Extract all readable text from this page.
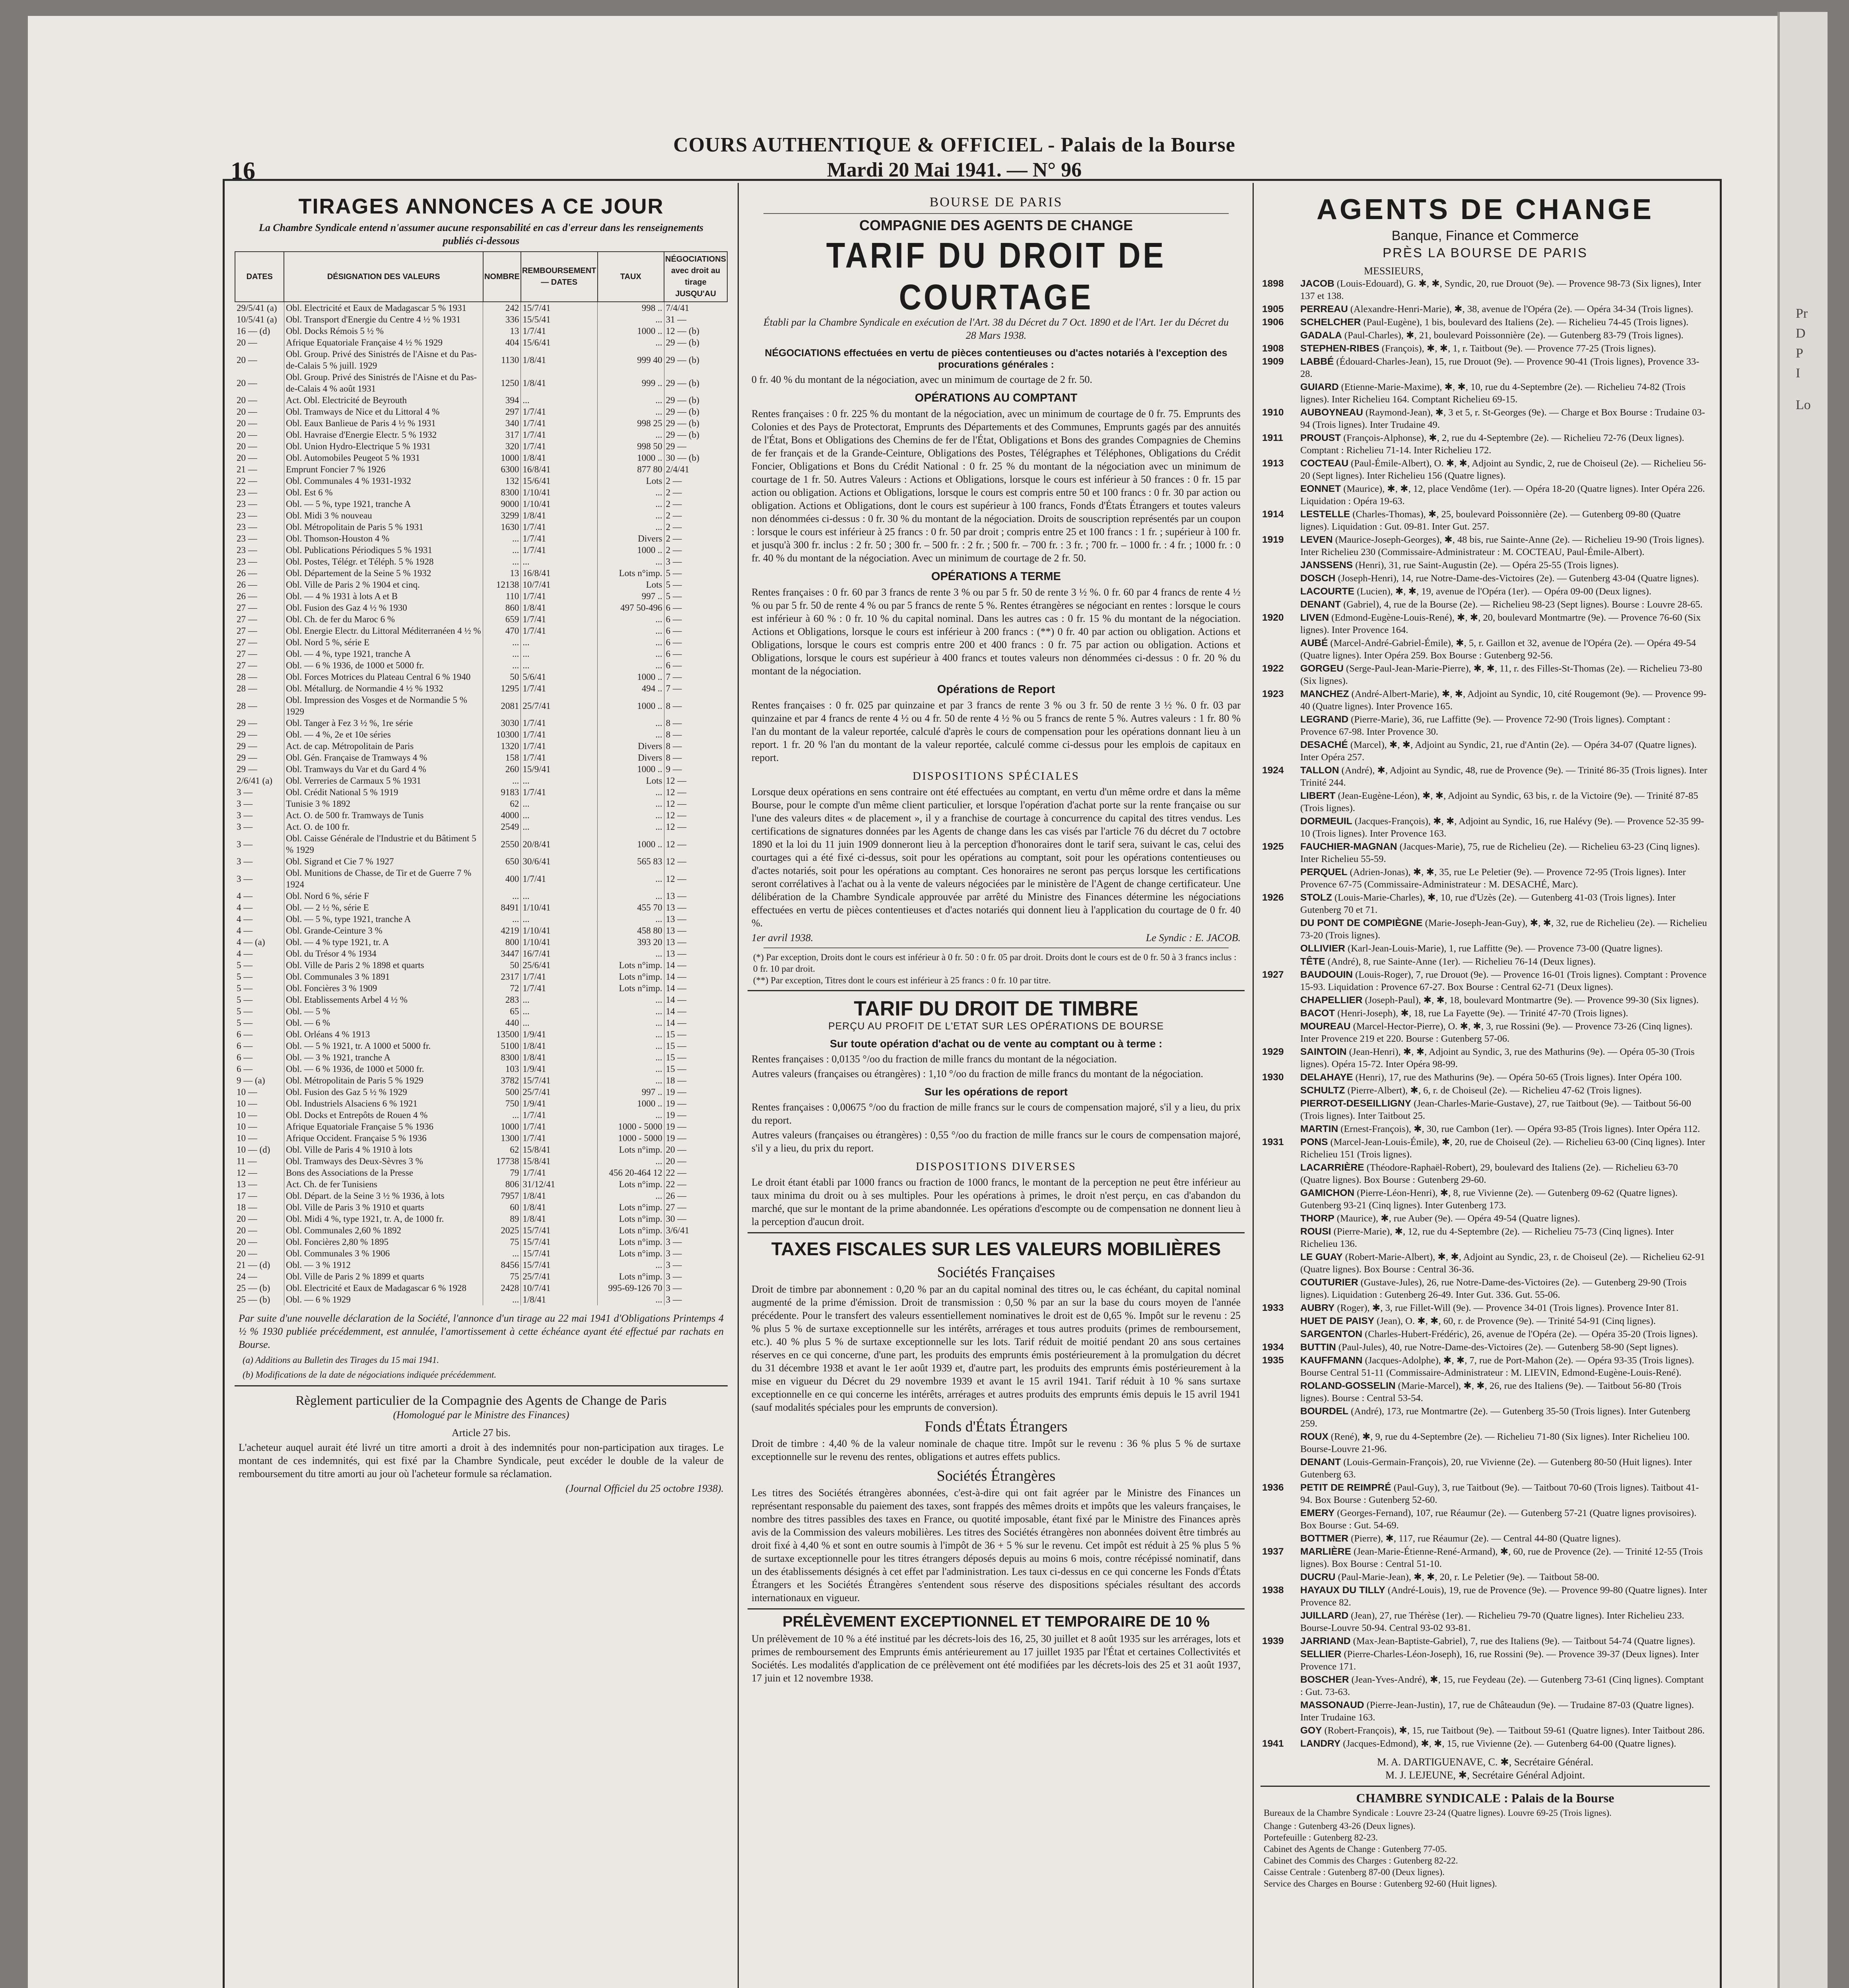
Pr
D
P
I
Lo
16
COURS AUTHENTIQUE & OFFICIEL - Palais de la Bourse
Mardi 20 Mai 1941. — N° 96
TIRAGES ANNONCES A CE JOUR
La Chambre Syndicale entend n'assumer aucune responsabilité en cas d'erreur dans les renseignements publiés ci-dessous
DATES	DÉSIGNATION DES VALEURS	NOMBRE	REMBOURSEMENT — DATES	TAUX	NÉGOCIATIONS avec droit au tirage JUSQU'AU
29/5/41 (a)	Obl. Electricité et Eaux de Madagascar 5 % 1931	242	15/7/41	998 ..	7/4/41
10/5/41 (a)	Obl. Transport d'Energie du Centre 4 ½ % 1931	336	15/5/41	...	31 —
16 — (d)	Obl. Docks Rémois 5 ½ %	13	1/7/41	1000 ..	12 — (b)
20 —	Afrique Equatoriale Française 4 ½ % 1929	404	15/6/41	...	29 — (b)
20 —	Obl. Group. Privé des Sinistrés de l'Aisne et du Pas-de-Calais 5 % juill. 1929	1130	1/8/41	999 40	29 — (b)
20 —	Obl. Group. Privé des Sinistrés de l'Aisne et du Pas-de-Calais 4 % août 1931	1250	1/8/41	999 ..	29 — (b)
20 —	Act. Obl. Electricité de Beyrouth	394	...	...	29 — (b)
20 —	Obl. Tramways de Nice et du Littoral 4 %	297	1/7/41	...	29 — (b)
20 —	Obl. Eaux Banlieue de Paris 4 ½ % 1931	340	1/7/41	998 25	29 — (b)
20 —	Obl. Havraise d'Energie Electr. 5 % 1932	317	1/7/41	...	29 — (b)
20 —	Obl. Union Hydro-Electrique 5 % 1931	320	1/7/41	998 50	29 —
20 —	Obl. Automobiles Peugeot 5 % 1931	1000	1/8/41	1000 ..	30 — (b)
21 —	Emprunt Foncier 7 % 1926	6300	16/8/41	877 80	2/4/41
22 —	Obl. Communales 4 % 1931-1932	132	15/6/41	Lots	2 —
23 —	Obl. Est 6 %	8300	1/10/41	...	2 —
23 —	Obl. — 5 %, type 1921, tranche A	9000	1/10/41	...	2 —
23 —	Obl. Midi 3 % nouveau	3299	1/8/41	...	2 —
23 —	Obl. Métropolitain de Paris 5 % 1931	1630	1/7/41	...	2 —
23 —	Obl. Thomson-Houston 4 %	...	1/7/41	Divers	2 —
23 —	Obl. Publications Périodiques 5 % 1931	...	1/7/41	1000 ..	2 —
23 —	Obl. Postes, Télégr. et Téléph. 5 % 1928	...	...	...	3 —
26 —	Obl. Département de la Seine 5 % 1932	13	16/8/41	Lots n°imp.	5 —
26 —	Obl. Ville de Paris 2 % 1904 et cinq.	12138	10/7/41	Lots	5 —
26 —	Obl. — 4 % 1931 à lots A et B	110	1/7/41	997 ..	5 —
27 —	Obl. Fusion des Gaz 4 ½ % 1930	860	1/8/41	497 50-496	6 —
27 —	Obl. Ch. de fer du Maroc 6 %	659	1/7/41	...	6 —
27 —	Obl. Energie Electr. du Littoral Méditerranéen 4 ½ %	470	1/7/41	...	6 —
27 —	Obl. Nord 5 %, série E	...	...	...	6 —
27 —	Obl. — 4 %, type 1921, tranche A	...	...	...	6 —
27 —	Obl. — 6 % 1936, de 1000 et 5000 fr.	...	...	...	6 —
28 —	Obl. Forces Motrices du Plateau Central 6 % 1940	50	5/6/41	1000 ..	7 —
28 —	Obl. Métallurg. de Normandie 4 ½ % 1932	1295	1/7/41	494 ..	7 —
28 —	Obl. Impression des Vosges et de Normandie 5 % 1929	2081	25/7/41	1000 ..	8 —
29 —	Obl. Tanger à Fez 3 ½ %, 1re série	3030	1/7/41	...	8 —
29 —	Obl. — 4 %, 2e et 10e séries	10300	1/7/41	...	8 —
29 —	Act. de cap. Métropolitain de Paris	1320	1/7/41	Divers	8 —
29 —	Obl. Gén. Française de Tramways 4 %	158	1/7/41	Divers	8 —
29 —	Obl. Tramways du Var et du Gard 4 %	260	15/9/41	1000 ..	9 —
2/6/41 (a)	Obl. Verreries de Carmaux 5 % 1931	...	...	Lots	12 —
3 —	Obl. Crédit National 5 % 1919	9183	1/7/41	...	12 —
3 —	Tunisie 3 % 1892	62	...	...	12 —
3 —	Act. O. de 500 fr. Tramways de Tunis	4000	...	...	12 —
3 —	Act. O. de 100 fr.	2549	...	...	12 —
3 —	Obl. Caisse Générale de l'Industrie et du Bâtiment 5 % 1929	2550	20/8/41	1000 ..	12 —
3 —	Obl. Sigrand et Cie 7 % 1927	650	30/6/41	565 83	12 —
3 —	Obl. Munitions de Chasse, de Tir et de Guerre 7 % 1924	400	1/7/41	...	12 —
4 —	Obl. Nord 6 %, série F	...	...	...	13 —
4 —	Obl. — 2 ½ %, série E	8491	1/10/41	455 70	13 —
4 —	Obl. — 5 %, type 1921, tranche A	...	...	...	13 —
4 —	Obl. Grande-Ceinture 3 %	4219	1/10/41	458 80	13 —
4 — (a)	Obl. — 4 % type 1921, tr. A	800	1/10/41	393 20	13 —
4 —	Obl. du Trésor 4 % 1934	3447	16/7/41	...	13 —
5 —	Obl. Ville de Paris 2 % 1898 et quarts	50	25/6/41	Lots n°imp.	14 —
5 —	Obl. Communales 3 % 1891	2317	1/7/41	Lots n°imp.	14 —
5 —	Obl. Foncières 3 % 1909	72	1/7/41	Lots n°imp.	14 —
5 —	Obl. Etablissements Arbel 4 ½ %	283	...	...	14 —
5 —	Obl. — 5 %	65	...	...	14 —
5 —	Obl. — 6 %	440	...	...	14 —
6 —	Obl. Orléans 4 % 1913	13500	1/9/41	...	15 —
6 —	Obl. — 5 % 1921, tr. A 1000 et 5000 fr.	5100	1/8/41	...	15 —
6 —	Obl. — 3 % 1921, tranche A	8300	1/8/41	...	15 —
6 —	Obl. — 6 % 1936, de 1000 et 5000 fr.	103	1/9/41	...	15 —
9 — (a)	Obl. Métropolitain de Paris 5 % 1929	3782	15/7/41	...	18 —
10 —	Obl. Fusion des Gaz 5 ½ % 1929	500	25/7/41	997 ..	19 —
10 —	Obl. Industriels Alsaciens 6 % 1921	750	1/9/41	1000 ..	19 —
10 —	Obl. Docks et Entrepôts de Rouen 4 %	...	1/7/41	...	19 —
10 —	Afrique Equatoriale Française 5 % 1936	1000	1/7/41	1000 - 5000	19 —
10 —	Afrique Occident. Française 5 % 1936	1300	1/7/41	1000 - 5000	19 —
10 — (d)	Obl. Ville de Paris 4 % 1910 à lots	62	15/8/41	Lots n°imp.	20 —
11 —	Obl. Tramways des Deux-Sèvres 3 %	17738	15/8/41	...	20 —
12 —	Bons des Associations de la Presse	79	1/7/41	456 20-464 12	22 —
13 —	Act. Ch. de fer Tunisiens	806	31/12/41	Lots n°imp.	22 —
17 —	Obl. Départ. de la Seine 3 ½ % 1936, à lots	7957	1/8/41	...	26 —
18 —	Obl. Ville de Paris 3 % 1910 et quarts	60	1/8/41	Lots n°imp.	27 —
20 —	Obl. Midi 4 %, type 1921, tr. A, de 1000 fr.	89	1/8/41	Lots n°imp.	30 —
20 —	Obl. Communales 2,60 % 1892	2025	15/7/41	Lots n°imp.	3/6/41
20 —	Obl. Foncières 2,80 % 1895	75	15/7/41	Lots n°imp.	3 —
20 —	Obl. Communales 3 % 1906	...	15/7/41	Lots n°imp.	3 —
21 — (d)	Obl. — 3 % 1912	8456	15/7/41	...	3 —
24 —	Obl. Ville de Paris 2 % 1899 et quarts	75	25/7/41	Lots n°imp.	3 —
25 — (b)	Obl. Electricité et Eaux de Madagascar 6 % 1928	2428	10/7/41	995-69-126 70	3 —
25 — (b)	Obl. — 6 % 1929	...	1/8/41	...	3 —
Par suite d'une nouvelle déclaration de la Société, l'annonce d'un tirage au 22 mai 1941 d'Obligations Printemps 4 ½ % 1930 publiée précédemment, est annulée, l'amortissement à cette échéance ayant été effectué par rachats en Bourse.
(a) Additions au Bulletin des Tirages du 15 mai 1941.
(b) Modifications de la date de négociations indiquée précédemment.
Règlement particulier de la Compagnie des Agents de Change de Paris
(Homologué par le Ministre des Finances)
Article 27 bis.
L'acheteur auquel aurait été livré un titre amorti a droit à des indemnités pour non-participation aux tirages. Le montant de ces indemnités, qui est fixé par la Chambre Syndicale, peut excéder le double de la valeur de remboursement du titre amorti au jour où l'acheteur formule sa réclamation.
(Journal Officiel du 25 octobre 1938).
BOURSE DE PARIS
COMPAGNIE DES AGENTS DE CHANGE
TARIF DU DROIT DE COURTAGE
Établi par la Chambre Syndicale en exécution de l'Art. 38 du Décret du 7 Oct. 1890 et de l'Art. 1er du Décret du 28 Mars 1938.
NÉGOCIATIONS effectuées en vertu de pièces contentieuses ou d'actes notariés à l'exception des procurations générales :
0 fr. 40 % du montant de la négociation, avec un minimum de courtage de 2 fr. 50.
OPÉRATIONS AU COMPTANT
Rentes françaises : 0 fr. 225 % du montant de la négociation, avec un minimum de courtage de 0 fr. 75. Emprunts des Colonies et des Pays de Protectorat, Emprunts des Départements et des Communes, Emprunts gagés par des annuités de l'État, Bons et Obligations des Chemins de fer de l'État, Obligations et Bons des grandes Compagnies de Chemins de fer français et de la Grande-Ceinture, Obligations des Postes, Télégraphes et Téléphones, Obligations du Crédit Foncier, Obligations et Bons du Crédit National : 0 fr. 25 % du montant de la négociation avec un minimum de courtage de 1 fr. 50. Autres Valeurs : Actions et Obligations, lorsque le cours est inférieur à 50 frances : 0 fr. 15 par action ou obligation. Actions et Obligations, lorsque le cours est compris entre 50 et 100 francs : 0 fr. 30 par action ou obligation. Actions et Obligations, dont le cours est supérieur à 100 francs, Fonds d'États Étrangers et toutes valeurs non dénommées ci-dessus : 0 fr. 30 % du montant de la négociation. Droits de souscription représentés par un coupon : lorsque le cours est inférieur à 25 francs : 0 fr. 50 par droit ; compris entre 25 et 100 francs : 1 fr. ; supérieur à 100 fr. et jusqu'à 300 fr. inclus : 2 fr. 50 ; 300 fr. – 500 fr. : 2 fr. ; 500 fr. – 700 fr. : 3 fr. ; 700 fr. – 1000 fr. : 4 fr. ; 1000 fr. : 0 fr. 40 % du montant de la négociation. Avec un minimum de courtage de 2 fr. 50.
OPÉRATIONS A TERME
Rentes françaises : 0 fr. 60 par 3 francs de rente 3 % ou par 5 fr. 50 de rente 3 ½ %. 0 fr. 60 par 4 francs de rente 4 ½ % ou par 5 fr. 50 de rente 4 % ou par 5 francs de rente 5 %. Rentes étrangères se négociant en rentes : lorsque le cours est inférieur à 60 % : 0 fr. 10 % du capital nominal. Dans les autres cas : 0 fr. 15 % du montant de la négociation. Actions et Obligations, lorsque le cours est inférieur à 200 francs : (**) 0 fr. 40 par action ou obligation. Actions et Obligations, lorsque le cours est compris entre 200 et 400 francs : 0 fr. 75 par action ou obligation. Actions et Obligations, lorsque le cours est supérieur à 400 francs et toutes valeurs non dénommées ci-dessus : 0 fr. 20 % du montant de la négociation.
Opérations de Report
Rentes françaises : 0 fr. 025 par quinzaine et par 3 francs de rente 3 % ou 3 fr. 50 de rente 3 ½ %. 0 fr. 03 par quinzaine et par 4 francs de rente 4 ½ ou 4 fr. 50 de rente 4 ½ % ou 5 francs de rente 5 %. Autres valeurs : 1 fr. 80 % l'an du montant de la valeur reportée, calculé d'après le cours de compensation pour les opérations donnant lieu à un report. 1 fr. 20 % l'an du montant de la valeur reportée, calculé comme ci-dessus pour les emplois de capitaux en report.
DISPOSITIONS SPÉCIALES
Lorsque deux opérations en sens contraire ont été effectuées au comptant, en vertu d'un même ordre et dans la même Bourse, pour le compte d'un même client particulier, et lorsque l'opération d'achat porte sur la rente française ou sur l'une des valeurs dites « de placement », il y a franchise de courtage à concurrence du capital des titres vendus. Les certifications de signatures données par les Agents de change dans les cas visés par l'article 76 du décret du 7 octobre 1890 et la loi du 11 juin 1909 donneront lieu à la perception d'honoraires dont le tarif sera, suivant le cas, celui des courtages qui a été fixé ci-dessus, soit pour les opérations au comptant, soit pour les opérations contentieuses ou d'actes notariés, soit pour les opérations au comptant. Ces honoraires ne seront pas perçus lorsque les certifications seront corrélatives à l'achat ou à la vente de valeurs négociées par le ministère de l'Agent de change certificateur. Une délibération de la Chambre Syndicale approuvée par arrêté du Ministre des Finances détermine les négociations effectuées en vertu de pièces contentieuses et d'actes notariés qui donnent lieu à l'application du courtage de 0 fr. 40 %.
1er avril 1938.	Le Syndic : E. JACOB.
(*) Par exception, Droits dont le cours est inférieur à 0 fr. 50 : 0 fr. 05 par droit. Droits dont le cours est de 0 fr. 50 à 3 francs inclus : 0 fr. 10 par droit.
(**) Par exception, Titres dont le cours est inférieur à 25 francs : 0 fr. 10 par titre.
TARIF DU DROIT DE TIMBRE
PERÇU AU PROFIT DE L'ETAT SUR LES OPÉRATIONS DE BOURSE
Sur toute opération d'achat ou de vente au comptant ou à terme :
Rentes françaises : 0,0135 °/oo du fraction de mille francs du montant de la négociation.
Autres valeurs (françaises ou étrangères) : 1,10 °/oo du fraction de mille francs du montant de la négociation.
Sur les opérations de report
Rentes françaises : 0,00675 °/oo du fraction de mille francs sur le cours de compensation majoré, s'il y a lieu, du prix du report.
Autres valeurs (françaises ou étrangères) : 0,55 °/oo du fraction de mille francs sur le cours de compensation majoré, s'il y a lieu, du prix du report.
DISPOSITIONS DIVERSES
Le droit étant établi par 1000 francs ou fraction de 1000 francs, le montant de la perception ne peut être inférieur au taux minima du droit ou à ses multiples. Pour les opérations à primes, le droit n'est perçu, en cas d'abandon du marché, que sur le montant de la prime abandonnée. Les opérations d'escompte ou de compensation ne donnent lieu à la perception d'aucun droit.
TAXES FISCALES SUR LES VALEURS MOBILIÈRES
Sociétés Françaises
Droit de timbre par abonnement : 0,20 % par an du capital nominal des titres ou, le cas échéant, du capital nominal augmenté de la prime d'émission. Droit de transmission : 0,50 % par an sur la base du cours moyen de l'année précédente. Pour le transfert des valeurs essentiellement nominatives le droit est de 0,65 %. Impôt sur le revenu : 25 % plus 5 % de surtaxe exceptionnelle sur les intérêts, arrérages et tous autres produits (primes de remboursement, etc.). 40 % plus 5 % de surtaxe exceptionnelle sur les lots. Tarif réduit de moitié pendant 20 ans sous certaines réserves en ce qui concerne, d'une part, les produits des emprunts émis postérieurement à la promulgation du décret du 31 décembre 1938 et avant le 1er août 1939 et, d'autre part, les produits des emprunts émis postérieurement à la mise en vigueur du Décret du 29 novembre 1939 et avant le 15 avril 1941. Tarif réduit à 10 % sans surtaxe exceptionnelle en ce qui concerne les intérêts, arrérages et autres produits des emprunts émis depuis le 15 avril 1941 (sauf modalités spéciales pour les emprunts de conversion).
Fonds d'États Étrangers
Droit de timbre : 4,40 % de la valeur nominale de chaque titre. Impôt sur le revenu : 36 % plus 5 % de surtaxe exceptionnelle sur le revenu des rentes, obligations et autres effets publics.
Sociétés Étrangères
Les titres des Sociétés étrangères abonnées, c'est-à-dire qui ont fait agréer par le Ministre des Finances un représentant responsable du paiement des taxes, sont frappés des mêmes droits et impôts que les valeurs françaises, le nombre des titres passibles des taxes en France, ou quotité imposable, étant fixé par le Ministre des Finances après avis de la Commission des valeurs mobilières. Les titres des Sociétés étrangères non abonnées doivent être timbrés au droit fixé à 4,40 % et sont en outre soumis à l'impôt de 36 + 5 % sur le revenu. Cet impôt est réduit à 25 % plus 5 % de surtaxe exceptionnelle pour les titres étrangers déposés depuis au moins 6 mois, contre récépissé nominatif, dans un des établissements désignés à cet effet par l'administration. Les taux ci-dessus en ce qui concerne les Fonds d'États Étrangers et les Sociétés Étrangères s'entendent sous réserve des dispositions spéciales résultant des accords internationaux en vigueur.
PRÉLÈVEMENT EXCEPTIONNEL ET TEMPORAIRE DE 10 %
Un prélèvement de 10 % a été institué par les décrets-lois des 16, 25, 30 juillet et 8 août 1935 sur les arrérages, lots et primes de remboursement des Emprunts émis antérieurement au 17 juillet 1935 par l'État et certaines Collectivités et Sociétés. Les modalités d'application de ce prélèvement ont été modifiées par les décrets-lois des 25 et 31 août 1937, 17 juin et 12 novembre 1938.
AGENTS DE CHANGE
Banque, Finance et Commerce
PRÈS LA BOURSE DE PARIS
MESSIEURS,
1898 JACOB (Louis-Edouard), G. ✱, ✱, Syndic, 20, rue Drouot (9e). — Provence 98-73 (Six lignes), Inter 137 et 138.
1905 PERREAU (Alexandre-Henri-Marie), ✱, 38, avenue de l'Opéra (2e). — Opéra 34-34 (Trois lignes).
1906 SCHELCHER (Paul-Eugène), 1 bis, boulevard des Italiens (2e). — Richelieu 74-45 (Trois lignes).
GADALA (Paul-Charles), ✱, 21, boulevard Poissonnière (2e). — Gutenberg 83-79 (Trois lignes).
1908 STEPHEN-RIBES (François), ✱, ✱, 1, r. Taitbout (9e). — Provence 77-25 (Trois lignes).
1909 LABBÉ (Édouard-Charles-Jean), 15, rue Drouot (9e). — Provence 90-41 (Trois lignes), Provence 33-28.
GUIARD (Etienne-Marie-Maxime), ✱, ✱, 10, rue du 4-Septembre (2e). — Richelieu 74-82 (Trois lignes). Inter Richelieu 164. Comptant Richelieu 69-15.
1910 AUBOYNEAU (Raymond-Jean), ✱, 3 et 5, r. St-Georges (9e). — Charge et Box Bourse : Trudaine 03-94 (Trois lignes). Inter Trudaine 49.
1911 PROUST (François-Alphonse), ✱, 2, rue du 4-Septembre (2e). — Richelieu 72-76 (Deux lignes). Comptant : Richelieu 71-14. Inter Richelieu 172.
1913 COCTEAU (Paul-Émile-Albert), O. ✱, ✱, Adjoint au Syndic, 2, rue de Choiseul (2e). — Richelieu 56-20 (Sept lignes). Inter Richelieu 156 (Quatre lignes).
EONNET (Maurice), ✱, ✱, 12, place Vendôme (1er). — Opéra 18-20 (Quatre lignes). Inter Opéra 226. Liquidation : Opéra 19-63.
1914 LESTELLE (Charles-Thomas), ✱, 25, boulevard Poissonnière (2e). — Gutenberg 09-80 (Quatre lignes). Liquidation : Gut. 09-81. Inter Gut. 257.
1919 LEVEN (Maurice-Joseph-Georges), ✱, 48 bis, rue Sainte-Anne (2e). — Richelieu 19-90 (Trois lignes). Inter Richelieu 230 (Commissaire-Administrateur : M. COCTEAU, Paul-Émile-Albert).
JANSSENS (Henri), 31, rue Saint-Augustin (2e). — Opéra 25-55 (Trois lignes).
DOSCH (Joseph-Henri), 14, rue Notre-Dame-des-Victoires (2e). — Gutenberg 43-04 (Quatre lignes).
LACOURTE (Lucien), ✱, ✱, 19, avenue de l'Opéra (1er). — Opéra 09-00 (Deux lignes).
DENANT (Gabriel), 4, rue de la Bourse (2e). — Richelieu 98-23 (Sept lignes). Bourse : Louvre 28-65.
1920 LIVEN (Edmond-Eugène-Louis-René), ✱, ✱, 20, boulevard Montmartre (9e). — Provence 76-60 (Six lignes). Inter Provence 164.
AUBÉ (Marcel-André-Gabriel-Émile), ✱, 5, r. Gaillon et 32, avenue de l'Opéra (2e). — Opéra 49-54 (Quatre lignes). Inter Opéra 259. Box Bourse : Gutenberg 92-56.
1922 GORGEU (Serge-Paul-Jean-Marie-Pierre), ✱, ✱, 11, r. des Filles-St-Thomas (2e). — Richelieu 73-80 (Six lignes).
1923 MANCHEZ (André-Albert-Marie), ✱, ✱, Adjoint au Syndic, 10, cité Rougemont (9e). — Provence 99-40 (Quatre lignes). Inter Provence 165.
LEGRAND (Pierre-Marie), 36, rue Laffitte (9e). — Provence 72-90 (Trois lignes). Comptant : Provence 67-98. Inter Provence 30.
DESACHÉ (Marcel), ✱, ✱, Adjoint au Syndic, 21, rue d'Antin (2e). — Opéra 34-07 (Quatre lignes). Inter Opéra 257.
1924 TALLON (André), ✱, Adjoint au Syndic, 48, rue de Provence (9e). — Trinité 86-35 (Trois lignes). Inter Trinité 244.
LIBERT (Jean-Eugène-Léon), ✱, ✱, Adjoint au Syndic, 63 bis, r. de la Victoire (9e). — Trinité 87-85 (Trois lignes).
DORMEUIL (Jacques-François), ✱, ✱, Adjoint au Syndic, 16, rue Halévy (9e). — Provence 52-35 99-10 (Trois lignes). Inter Provence 163.
1925 FAUCHIER-MAGNAN (Jacques-Marie), 75, rue de Richelieu (2e). — Richelieu 63-23 (Cinq lignes). Inter Richelieu 55-59.
PERQUEL (Adrien-Jonas), ✱, ✱, 35, rue Le Peletier (9e). — Provence 72-95 (Trois lignes). Inter Provence 67-75 (Commissaire-Administrateur : M. DESACHÉ, Marc).
1926 STOLZ (Louis-Marie-Charles), ✱, 10, rue d'Uzès (2e). — Gutenberg 41-03 (Trois lignes). Inter Gutenberg 70 et 71.
DU PONT DE COMPIÈGNE (Marie-Joseph-Jean-Guy), ✱, ✱, 32, rue de Richelieu (2e). — Richelieu 73-20 (Trois lignes).
OLLIVIER (Karl-Jean-Louis-Marie), 1, rue Laffitte (9e). — Provence 73-00 (Quatre lignes).
TÊTE (André), 8, rue Sainte-Anne (1er). — Richelieu 76-14 (Deux lignes).
1927 BAUDOUIN (Louis-Roger), 7, rue Drouot (9e). — Provence 16-01 (Trois lignes). Comptant : Provence 15-93. Liquidation : Provence 67-27. Box Bourse : Central 62-71 (Deux lignes).
CHAPELLIER (Joseph-Paul), ✱, ✱, 18, boulevard Montmartre (9e). — Provence 99-30 (Six lignes).
BACOT (Henri-Joseph), ✱, 18, rue La Fayette (9e). — Trinité 47-70 (Trois lignes).
MOUREAU (Marcel-Hector-Pierre), O. ✱, ✱, 3, rue Rossini (9e). — Provence 73-26 (Cinq lignes). Inter Provence 219 et 220. Bourse : Gutenberg 57-06.
1929 SAINTOIN (Jean-Henri), ✱, ✱, Adjoint au Syndic, 3, rue des Mathurins (9e). — Opéra 05-30 (Trois lignes). Opéra 15-72. Inter Opéra 98-99.
1930 DELAHAYE (Henri), 17, rue des Mathurins (9e). — Opéra 50-65 (Trois lignes). Inter Opéra 100.
SCHULTZ (Pierre-Albert), ✱, 6, r. de Choiseul (2e). — Richelieu 47-62 (Trois lignes).
PIERROT-DESEILLIGNY (Jean-Charles-Marie-Gustave), 27, rue Taitbout (9e). — Taitbout 56-00 (Trois lignes). Inter Taitbout 25.
MARTIN (Ernest-François), ✱, 30, rue Cambon (1er). — Opéra 93-85 (Trois lignes). Inter Opéra 112.
1931 PONS (Marcel-Jean-Louis-Émile), ✱, 20, rue de Choiseul (2e). — Richelieu 63-00 (Cinq lignes). Inter Richelieu 151 (Trois lignes).
LACARRIÈRE (Théodore-Raphaël-Robert), 29, boulevard des Italiens (2e). — Richelieu 63-70 (Quatre lignes). Box Bourse : Gutenberg 29-60.
GAMICHON (Pierre-Léon-Henri), ✱, 8, rue Vivienne (2e). — Gutenberg 09-62 (Quatre lignes). Gutenberg 93-21 (Cinq lignes). Inter Gutenberg 173.
THORP (Maurice), ✱, rue Auber (9e). — Opéra 49-54 (Quatre lignes).
ROUSI (Pierre-Marie), ✱, 12, rue du 4-Septembre (2e). — Richelieu 75-73 (Cinq lignes). Inter Richelieu 136.
LE GUAY (Robert-Marie-Albert), ✱, ✱, Adjoint au Syndic, 23, r. de Choiseul (2e). — Richelieu 62-91 (Quatre lignes). Box Bourse : Central 36-36.
COUTURIER (Gustave-Jules), 26, rue Notre-Dame-des-Victoires (2e). — Gutenberg 29-90 (Trois lignes). Liquidation : Gutenberg 26-49. Inter Gut. 336. Gut. 55-06.
1933 AUBRY (Roger), ✱, 3, rue Fillet-Will (9e). — Provence 34-01 (Trois lignes). Provence Inter 81.
HUET DE PAISY (Jean), O. ✱, ✱, 60, r. de Provence (9e). — Trinité 54-91 (Cinq lignes).
SARGENTON (Charles-Hubert-Frédéric), 26, avenue de l'Opéra (2e). — Opéra 35-20 (Trois lignes).
1934 BUTTIN (Paul-Jules), 40, rue Notre-Dame-des-Victoires (2e). — Gutenberg 58-90 (Sept lignes).
1935 KAUFFMANN (Jacques-Adolphe), ✱, ✱, 7, rue de Port-Mahon (2e). — Opéra 93-35 (Trois lignes). Bourse Central 51-11 (Commissaire-Administrateur : M. LIEVIN, Edmond-Eugène-Louis-René).
ROLAND-GOSSELIN (Marie-Marcel), ✱, ✱, 26, rue des Italiens (9e). — Taitbout 56-80 (Trois lignes). Bourse : Central 53-54.
BOURDEL (André), 173, rue Montmartre (2e). — Gutenberg 35-50 (Trois lignes). Inter Gutenberg 259.
ROUX (René), ✱, 9, rue du 4-Septembre (2e). — Richelieu 71-80 (Six lignes). Inter Richelieu 100. Bourse-Louvre 21-96.
DENANT (Louis-Germain-François), 20, rue Vivienne (2e). — Gutenberg 80-50 (Huit lignes). Inter Gutenberg 63.
1936 PETIT DE REIMPRÉ (Paul-Guy), 3, rue Taitbout (9e). — Taitbout 70-60 (Trois lignes). Taitbout 41-94. Box Bourse : Gutenberg 52-60.
EMERY (Georges-Fernand), 107, rue Réaumur (2e). — Gutenberg 57-21 (Quatre lignes provisoires). Box Bourse : Gut. 54-69.
BOTTMER (Pierre), ✱, 117, rue Réaumur (2e). — Central 44-80 (Quatre lignes).
1937 MARLIÈRE (Jean-Marie-Étienne-René-Armand), ✱, 60, rue de Provence (2e). — Trinité 12-55 (Trois lignes). Box Bourse : Central 51-10.
DUCRU (Paul-Marie-Jean), ✱, ✱, 20, r. Le Peletier (9e). — Taitbout 58-00.
1938 HAYAUX DU TILLY (André-Louis), 19, rue de Provence (9e). — Provence 99-80 (Quatre lignes). Inter Provence 82.
JUILLARD (Jean), 27, rue Thérèse (1er). — Richelieu 79-70 (Quatre lignes). Inter Richelieu 233. Bourse-Louvre 50-94. Central 93-02 93-81.
1939 JARRIAND (Max-Jean-Baptiste-Gabriel), 7, rue des Italiens (9e). — Taitbout 54-74 (Quatre lignes).
SELLIER (Pierre-Charles-Léon-Joseph), 16, rue Rossini (9e). — Provence 39-37 (Deux lignes). Inter Provence 171.
BOSCHER (Jean-Yves-André), ✱, 15, rue Feydeau (2e). — Gutenberg 73-61 (Cinq lignes). Comptant : Gut. 73-63.
MASSONAUD (Pierre-Jean-Justin), 17, rue de Châteaudun (9e). — Trudaine 87-03 (Quatre lignes). Inter Trudaine 163.
GOY (Robert-François), ✱, 15, rue Taitbout (9e). — Taitbout 59-61 (Quatre lignes). Inter Taitbout 286.
1941 LANDRY (Jacques-Edmond), ✱, ✱, 15, rue Vivienne (2e). — Gutenberg 64-00 (Quatre lignes).
M. A. DARTIGUENAVE, C. ✱, Secrétaire Général.
M. J. LEJEUNE, ✱, Secrétaire Général Adjoint.
CHAMBRE SYNDICALE : Palais de la Bourse
Bureaux de la Chambre Syndicale : Louvre 23-24 (Quatre lignes). Louvre 69-25 (Trois lignes).
Change : Gutenberg 43-26 (Deux lignes).
Portefeuille : Gutenberg 82-23.
Cabinet des Agents de Change : Gutenberg 77-05.
Cabinet des Commis des Charges : Gutenberg 82-22.
Caisse Centrale : Gutenberg 87-00 (Deux lignes).
Service des Charges en Bourse : Gutenberg 92-60 (Huit lignes).
